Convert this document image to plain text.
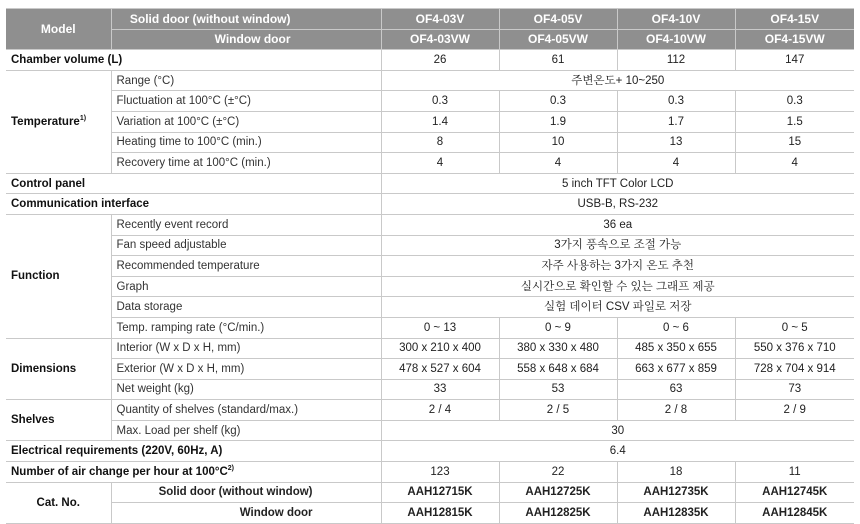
Model	Solid door (without window)	OF4-03V	OF4-05V	OF4-10V	OF4-15V
	Window door	OF4-03VW	OF4-05VW	OF4-10VW	OF4-15VW
Chamber volume (L)		26	61	112	147
Temperature$^{1)}$	Range (°C)	주변온도+ 10~250			
	Fluctuation at 100°C (±°C)	0.3	0.3	0.3	0.3
	Variation at 100°C (±°C)	1.4	1.9	1.7	1.5
	Heating time to 100°C (min.)	8	10	13	15
	Recovery time at 100°C (min.)	4	4	4	4
Control panel		5 inch TFT Color LCD			
Communication interface		USB-B, RS-232			
Function	Recently event record	36 ea			
	Fan speed adjustable	3가지 풍속으로 조절 가능			
	Recommended temperature	자주 사용하는 3가지 온도 추천			
	Graph	실시간으로 확인할 수 있는 그래프 제공			
	Data storage	실험 데이터 CSV 파일로 저장			
	Temp. ramping rate (°C/min.)	0 ~ 13	0 ~ 9	0 ~ 6	0 ~ 5
Dimensions	Interior (W x D x H, mm)	300 x 210 x 400	380 x 330 x 480	485 x 350 x 655	550 x 376 x 710
	Exterior (W x D x H, mm)	478 x 527 x 604	558 x 648 x 684	663 x 677 x 859	728 x 704 x 914
	Net weight (kg)	33	53	63	73
Shelves	Quantity of shelves (standard/max.)	2 / 4	2 / 5	2 / 8	2 / 9
	Max. Load per shelf (kg)	30			
Electrical requirements (220V, 60Hz, A)		6.4			
Number of air change per hour at $100^\circ C^{2)}$		123	22	18	11
Cat. No.	Solid door (without window)	AAH12715K	AAH12725K	AAH12735K	AAH12745K
	Window door	AAH12815K	AAH12825K	AAH12835K	AAH12845K
